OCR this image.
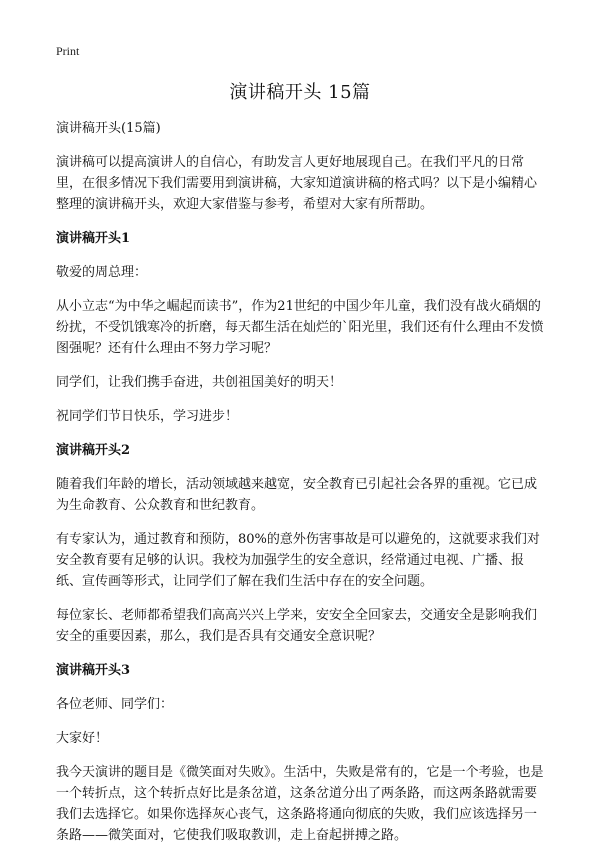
Print
演讲稿开头 15篇

演讲稿开头(15篇)

演讲稿可以提高演讲人的自信心，有助发言人更好地展现自己。在我们平凡的日常里，在很多情况下我们需要用到演讲稿，大家知道演讲稿的格式吗？以下是小编精心整理的演讲稿开头，欢迎大家借鉴与参考，希望对大家有所帮助。

演讲稿开头1

敬爱的周总理：

从小立志“为中华之崛起而读书”，作为21世纪的中国少年儿童，我们没有战火硝烟的纷扰，不受饥饿寒冷的折磨，每天都生活在灿烂的`阳光里，我们还有什么理由不发愤图强呢？还有什么理由不努力学习呢？

同学们，让我们携手奋进，共创祖国美好的明天！

祝同学们节日快乐，学习进步！

演讲稿开头2

随着我们年龄的增长，活动领域越来越宽，安全教育已引起社会各界的重视。它已成为生命教育、公众教育和世纪教育。

有专家认为，通过教育和预防，80%的意外伤害事故是可以避免的，这就要求我们对安全教育要有足够的认识。我校为加强学生的安全意识，经常通过电视、广播、报纸、宣传画等形式，让同学们了解在我们生活中存在的安全问题。

每位家长、老师都希望我们高高兴兴上学来，安安全全回家去，交通安全是影响我们安全的重要因素，那么，我们是否具有交通安全意识呢？

演讲稿开头3

各位老师、同学们：

大家好！

我今天演讲的题目是《微笑面对失败》。生活中，失败是常有的，它是一个考验，也是一个转折点，这个转折点好比是条岔道，这条岔道分出了两条路，而这两条路就需要我们去选择它。如果你选择灰心丧气，这条路将通向彻底的失败，我们应该选择另一条路——微笑面对，它使我们吸取教训，走上奋起拼搏之路。
